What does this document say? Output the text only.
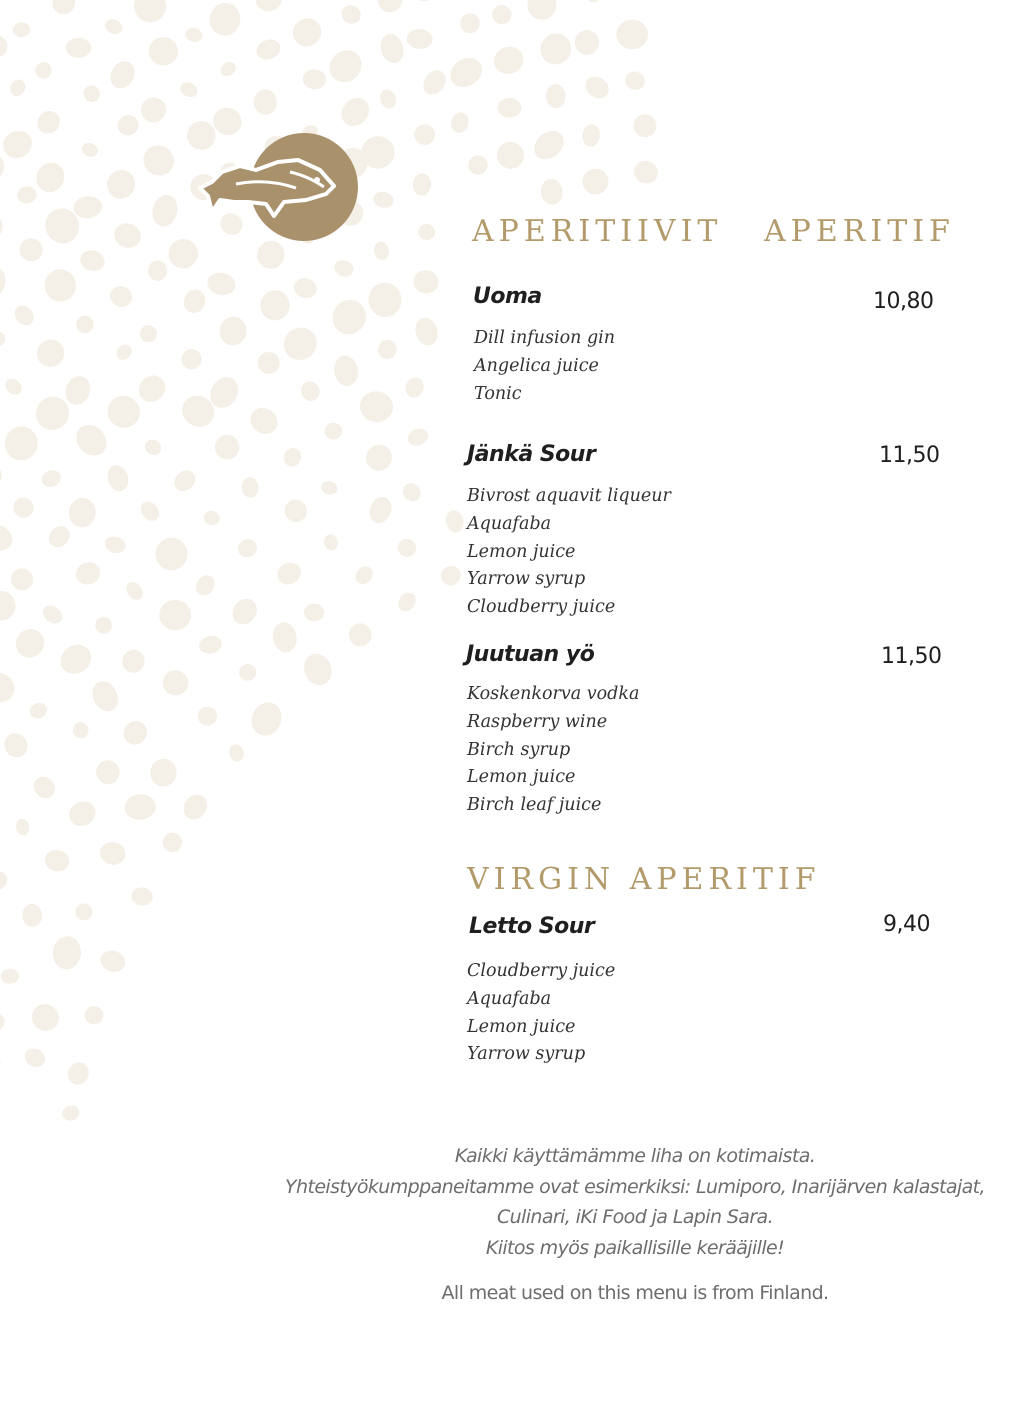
APERITIIVIT APERITIF
Uoma	10,80
Dill infusion gin
Angelica juice
Tonic
Jänkä Sour	11,50
Bivrost aquavit liqueur
Aquafaba
Lemon juice
Yarrow syrup
Cloudberry juice
Juutuan yö	11,50
Koskenkorva vodka
Raspberry wine
Birch syrup
Lemon juice
Birch leaf juice
VIRGIN APERITIF
Letto Sour	9,40
Cloudberry juice
Aquafaba
Lemon juice
Yarrow syrup
Kaikki käyttämämme liha on kotimaista.
Yhteistyökumppaneitamme ovat esimerkiksi: Lumiporo, Inarijärven kalastajat,
Culinari, iKi Food ja Lapin Sara.
Kiitos myös paikallisille kerääjille!
All meat used on this menu is from Finland.
